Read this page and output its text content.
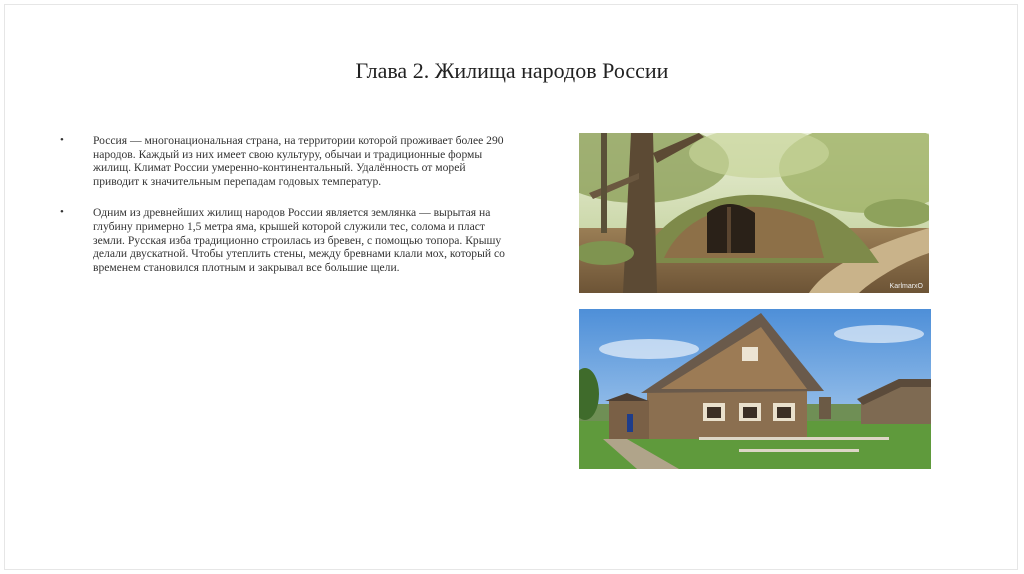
Глава 2. Жилища народов России
•	Россия — многонациональная страна, на территории которой проживает более 290 народов. Каждый из них имеет свою культуру, обычаи и традиционные формы жилищ. Климат России умеренно-континентальный. Удалённость от морей приводит к значительным перепадам годовых температур.
•	Одним из древнейших жилищ народов России является землянка — вырытая на глубину примерно 1,5 метра яма, крышей которой служили тес, солома и пласт земли. Русская изба традиционно строилась из бревен, с помощью топора. Крышу делали двускатной. Чтобы утеплить стены, между бревнами клали мох, который со временем становился плотным и закрывал все большие щели.
KarlmarxO
